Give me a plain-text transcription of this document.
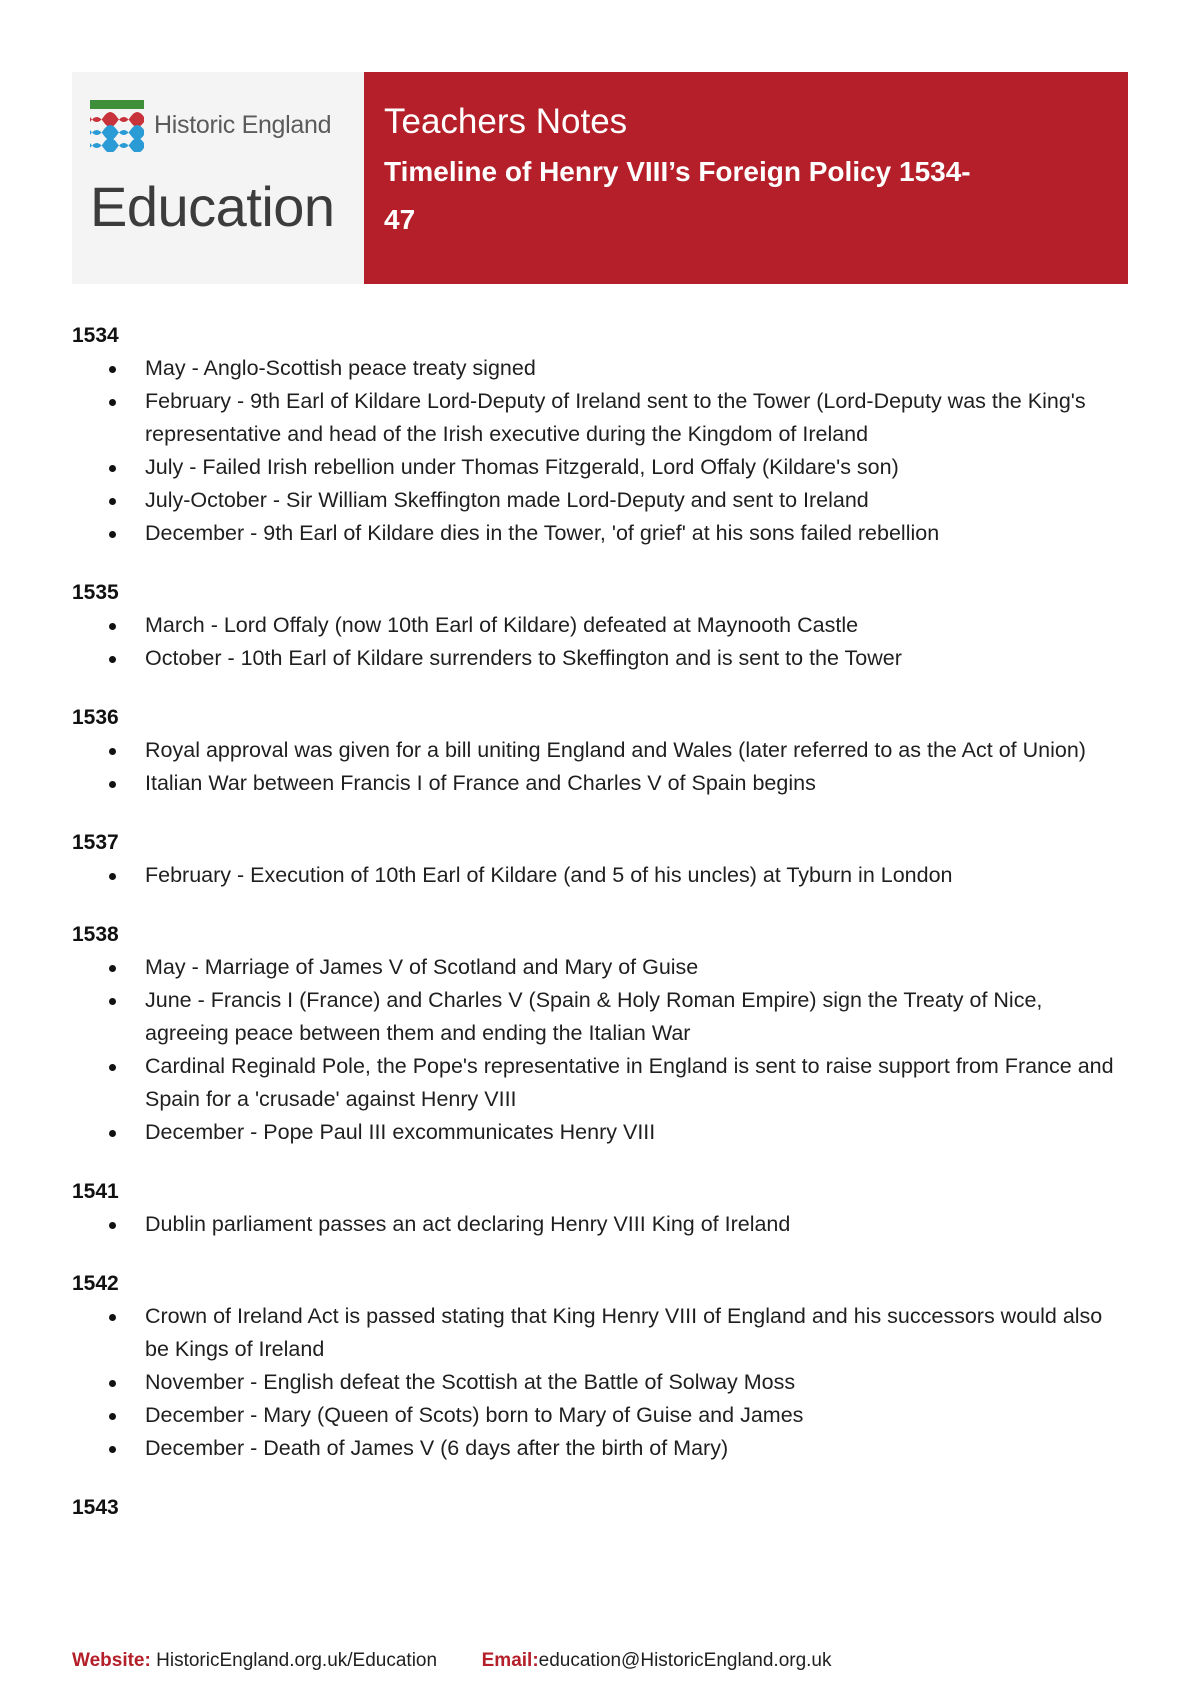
Historic England
Education
Teachers Notes
Timeline of Henry VIII’s Foreign Policy 1534-
47
1534
May - Anglo-Scottish peace treaty signed
February - 9th Earl of Kildare Lord-Deputy of Ireland sent to the Tower (Lord-Deputy was the King's representative and head of the Irish executive during the Kingdom of Ireland
July - Failed Irish rebellion under Thomas Fitzgerald, Lord Offaly (Kildare's son)
July-October - Sir William Skeffington made Lord-Deputy and sent to Ireland
December - 9th Earl of Kildare dies in the Tower, 'of grief' at his sons failed rebellion
1535
March - Lord Offaly (now 10th Earl of Kildare) defeated at Maynooth Castle
October - 10th Earl of Kildare surrenders to Skeffington and is sent to the Tower
1536
Royal approval was given for a bill uniting England and Wales (later referred to as the Act of Union)
Italian War between Francis I of France and Charles V of Spain begins
1537
February - Execution of 10th Earl of Kildare (and 5 of his uncles) at Tyburn in London
1538
May - Marriage of James V of Scotland and Mary of Guise
June - Francis I (France) and Charles V (Spain & Holy Roman Empire) sign the Treaty of Nice, agreeing peace between them and ending the Italian War
Cardinal Reginald Pole, the Pope's representative in England is sent to raise support from France and Spain for a 'crusade' against Henry VIII
December - Pope Paul III excommunicates Henry VIII
1541
Dublin parliament passes an act declaring Henry VIII King of Ireland
1542
Crown of Ireland Act is passed stating that King Henry VIII of England and his successors would also be Kings of Ireland
November - English defeat the Scottish at the Battle of Solway Moss
December - Mary (Queen of Scots) born to Mary of Guise and James
December - Death of James V (6 days after the birth of Mary)
1543
Website: HistoricEngland.org.uk/Education Email:education@HistoricEngland.org.uk
